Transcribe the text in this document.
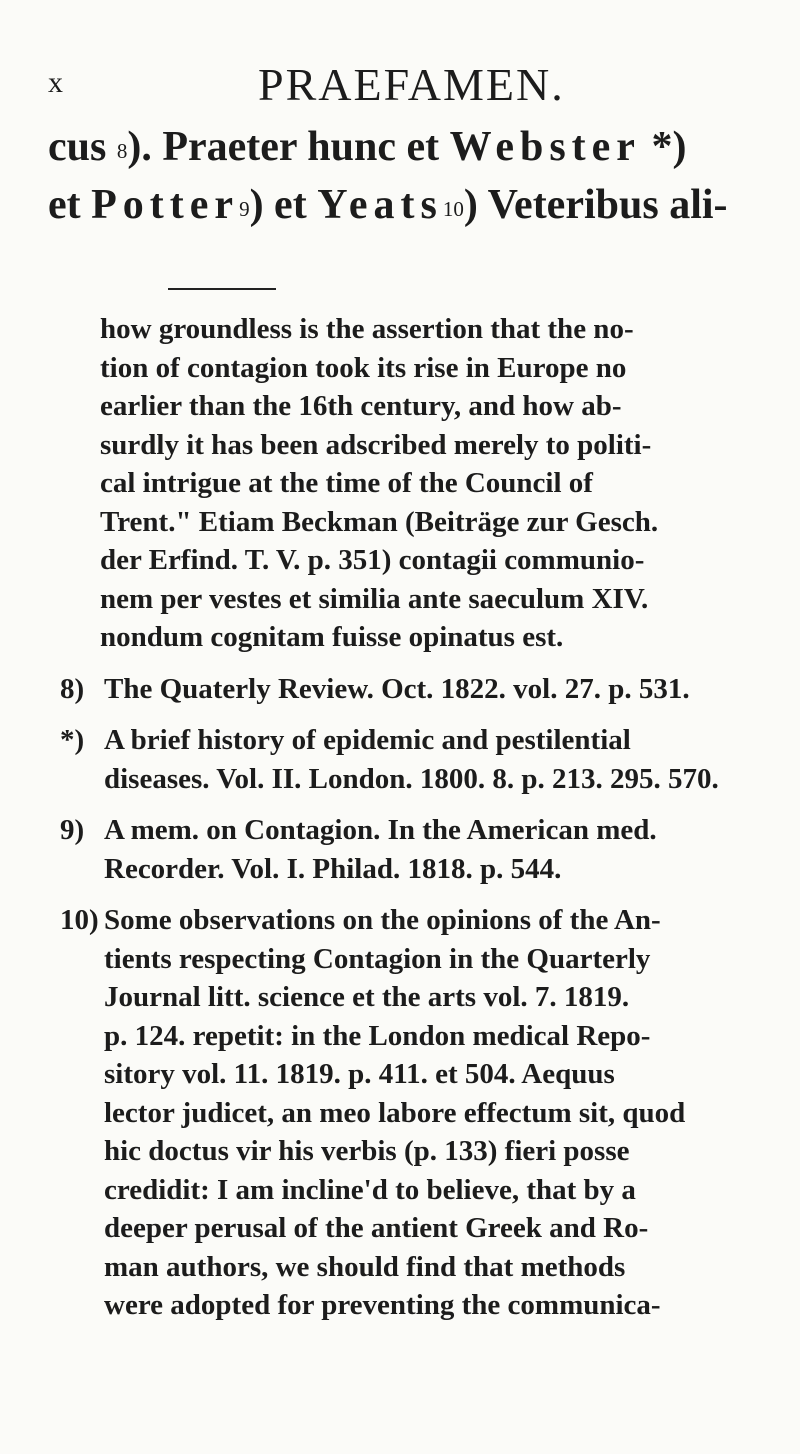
x	PRAEFAMEN.
cus $^8$). Praeter hunc et Webster *)
et Potter$^9$) et Yeats$^{10}$) Veteribus ali-
how groundless is the assertion that the no-
tion of contagion took its rise in Europe no
earlier than the 16th century, and how ab-
surdly it has been adscribed merely to politi-
cal intrigue at the time of the Council of
Trent." Etiam Beckman (Beiträge zur Gesch.
der Erfind. T. V. p. 351) contagii communio-
nem per vestes et similia ante saeculum XIV.
nondum cognitam fuisse opinatus est.
8) The Quaterly Review. Oct. 1822. vol. 27. p. 531.
*) A brief history of epidemic and pestilential
diseases. Vol. II. London. 1800. 8. p. 213. 295. 570.
9) A mem. on Contagion. In the American med.
Recorder. Vol. I. Philad. 1818. p. 544.
10) Some observations on the opinions of the An-
tients respecting Contagion in the Quarterly
Journal litt. science et the arts vol. 7. 1819.
p. 124. repetit: in the London medical Repo-
sitory vol. 11. 1819. p. 411. et 504. Aequus
lector judicet, an meo labore effectum sit, quod
hic doctus vir his verbis (p. 133) fieri posse
credidit: I am incline'd to believe, that by a
deeper perusal of the antient Greek and Ro-
man authors, we should find that methods
were adopted for preventing the communica-
